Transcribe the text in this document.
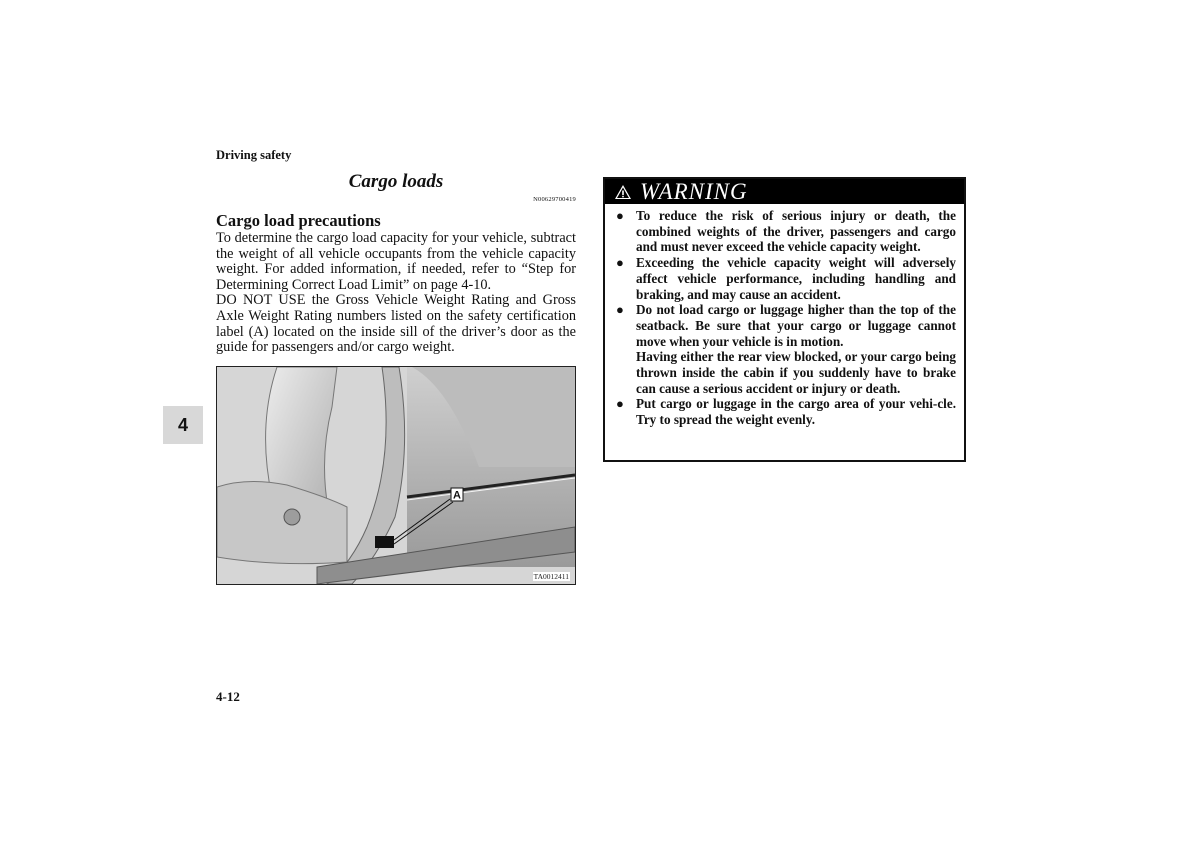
Driving safety
Cargo loads
N00629700419
Cargo load precautions

To determine the cargo load capacity for your vehicle, subtract the weight of all vehicle occupants from the vehicle capacity weight. For added information, if needed, refer to “Step for Determining Correct Load Limit” on page 4-10.

DO NOT USE the Gross Vehicle Weight Rating and Gross Axle Weight Rating numbers listed on the safety certification label (A) located on the inside sill of the driver’s door as the guide for passengers and/or cargo weight.

A
TA0012411
4
4-12
WARNING
● To reduce the risk of serious injury or death, the combined weights of the driver, passengers and cargo and must never exceed the vehicle capacity weight.

● Exceeding the vehicle capacity weight will adversely affect vehicle performance, including handling and braking, and may cause an accident.

● Do not load cargo or luggage higher than the top of the seatback. Be sure that your cargo or luggage cannot move when your vehicle is in motion.

Having either the rear view blocked, or your cargo being thrown inside the cabin if you suddenly have to brake can cause a serious accident or injury or death.

● Put cargo or luggage in the cargo area of your vehi-cle. Try to spread the weight evenly.
